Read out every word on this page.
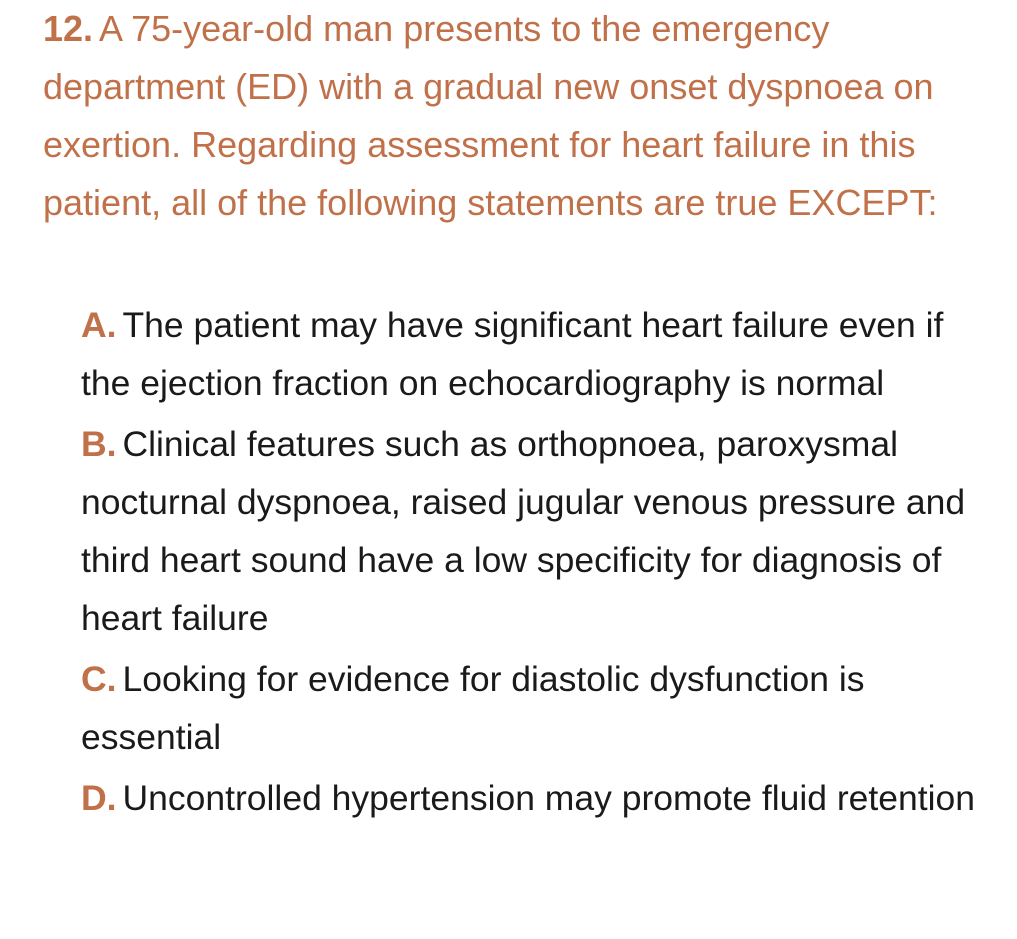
12. A 75-year-old man presents to the emergency department (ED) with a gradual new onset dyspnoea on exertion. Regarding assessment for heart failure in this patient, all of the following statements are true EXCEPT:

A. The patient may have significant heart failure even if the ejection fraction on echocardiography is normal
B. Clinical features such as orthopnoea, paroxysmal nocturnal dyspnoea, raised jugular venous pressure and third heart sound have a low specificity for diagnosis of heart failure
C. Looking for evidence for diastolic dysfunction is essential
D. Uncontrolled hypertension may promote fluid retention
